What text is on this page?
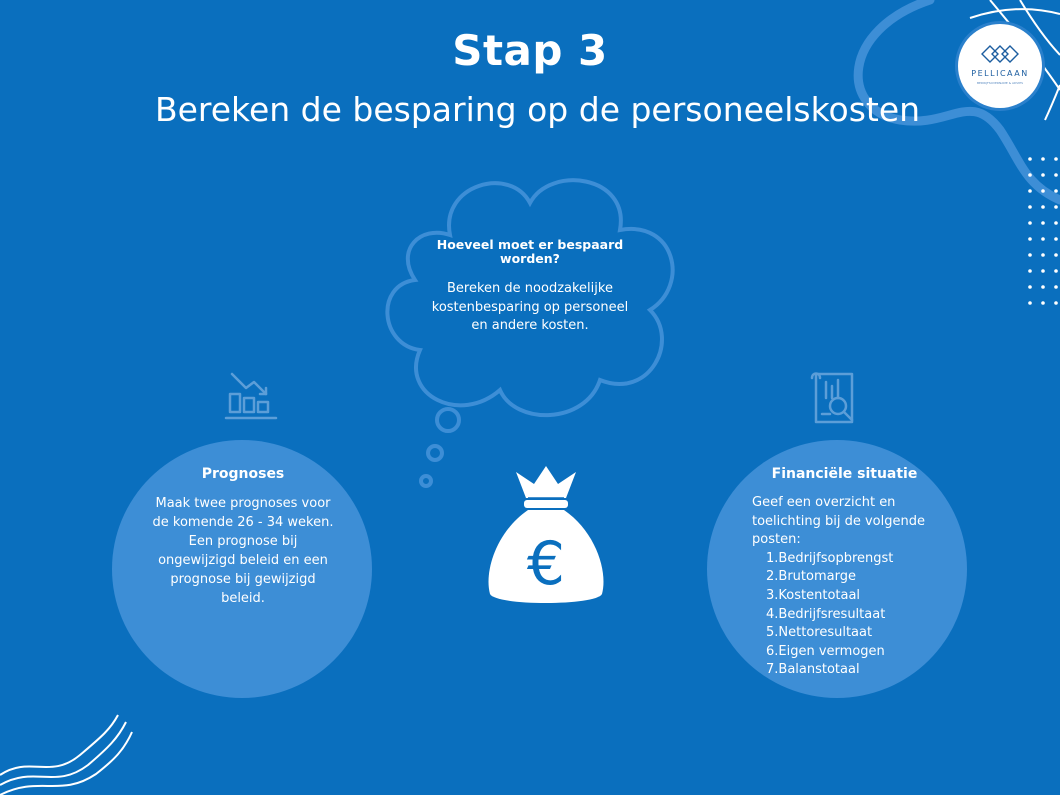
PELLICAAN
BEDRIJFSOVERNAME & ADVIES
Stap 3
Bereken de besparing op de personeelskosten
Hoeveel moet er bespaard worden?
Bereken de noodzakelijke kostenbesparing op personeel en andere kosten.
€
Prognoses
Maak twee prognoses voor de komende 26 - 34 weken. Een prognose bij ongewijzigd beleid en een prognose bij gewijzigd beleid.
Financiële situatie
Geef een overzicht en toelichting bij de volgende posten:
1.Bedrijfsopbrengst
2.Brutomarge
3.Kostentotaal
4.Bedrijfsresultaat
5.Nettoresultaat
6.Eigen vermogen
7.Balanstotaal
